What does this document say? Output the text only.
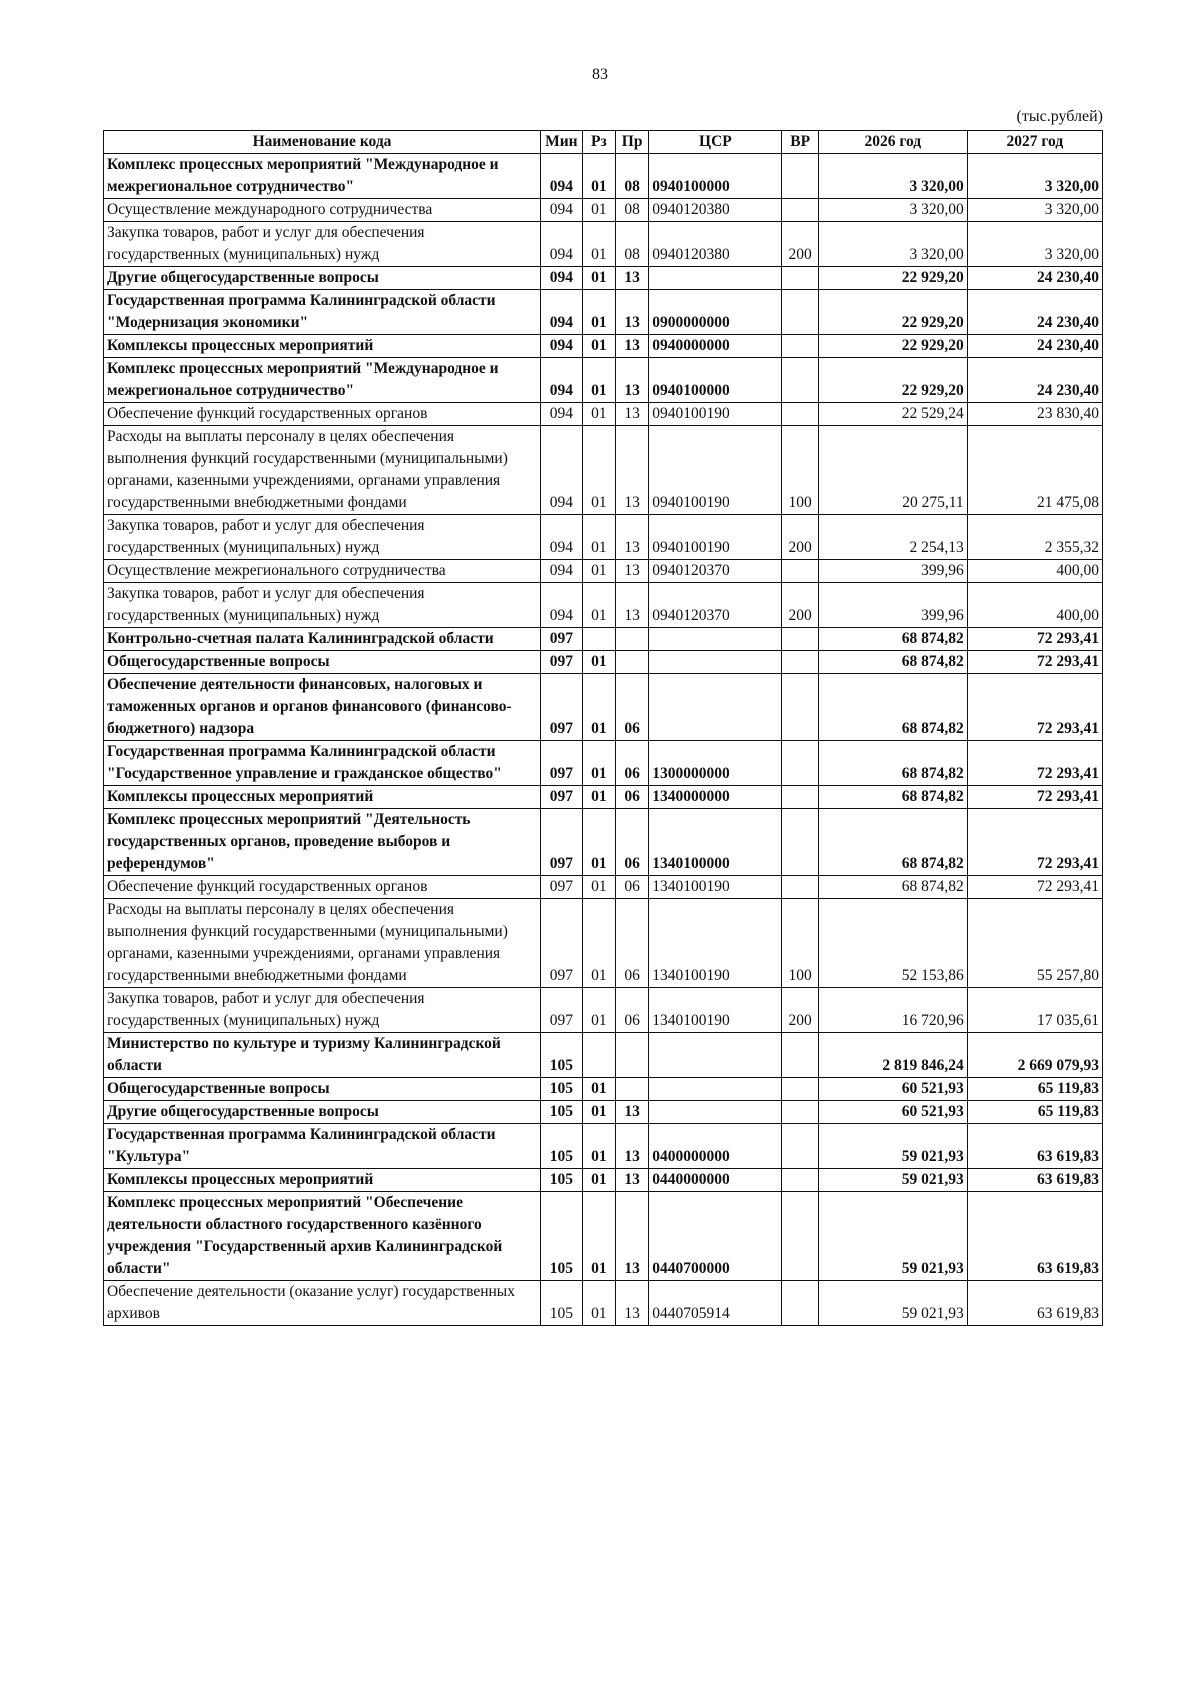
83
(тыс.рублей)
Наименование кода	Мин	Рз	Пр	ЦСР	ВР	2026 год	2027 год
Комплекс процессных мероприятий "Международное и межрегиональное сотрудничество"	094	01	08	0940100000		3 320,00	3 320,00
Осуществление международного сотрудничества	094	01	08	0940120380		3 320,00	3 320,00
Закупка товаров, работ и услуг для обеспечения государственных (муниципальных) нужд	094	01	08	0940120380	200	3 320,00	3 320,00
Другие общегосударственные вопросы	094	01	13			22 929,20	24 230,40
Государственная программа Калининградской области "Модернизация экономики"	094	01	13	0900000000		22 929,20	24 230,40
Комплексы процессных мероприятий	094	01	13	0940000000		22 929,20	24 230,40
Комплекс процессных мероприятий "Международное и межрегиональное сотрудничество"	094	01	13	0940100000		22 929,20	24 230,40
Обеспечение функций государственных органов	094	01	13	0940100190		22 529,24	23 830,40
Расходы на выплаты персоналу в целях обеспечения выполнения функций государственными (муниципальными) органами, казенными учреждениями, органами управления государственными внебюджетными фондами	094	01	13	0940100190	100	20 275,11	21 475,08
Закупка товаров, работ и услуг для обеспечения государственных (муниципальных) нужд	094	01	13	0940100190	200	2 254,13	2 355,32
Осуществление межрегионального сотрудничества	094	01	13	0940120370		399,96	400,00
Закупка товаров, работ и услуг для обеспечения государственных (муниципальных) нужд	094	01	13	0940120370	200	399,96	400,00
Контрольно-счетная палата Калининградской области	097					68 874,82	72 293,41
Общегосударственные вопросы	097	01				68 874,82	72 293,41
Обеспечение деятельности финансовых, налоговых и таможенных органов и органов финансового (финансово-бюджетного) надзора	097	01	06			68 874,82	72 293,41
Государственная программа Калининградской области "Государственное управление и гражданское общество"	097	01	06	1300000000		68 874,82	72 293,41
Комплексы процессных мероприятий	097	01	06	1340000000		68 874,82	72 293,41
Комплекс процессных мероприятий "Деятельность государственных органов, проведение выборов и референдумов"	097	01	06	1340100000		68 874,82	72 293,41
Обеспечение функций государственных органов	097	01	06	1340100190		68 874,82	72 293,41
Расходы на выплаты персоналу в целях обеспечения выполнения функций государственными (муниципальными) органами, казенными учреждениями, органами управления государственными внебюджетными фондами	097	01	06	1340100190	100	52 153,86	55 257,80
Закупка товаров, работ и услуг для обеспечения государственных (муниципальных) нужд	097	01	06	1340100190	200	16 720,96	17 035,61
Министерство по культуре и туризму Калининградской области	105					2 819 846,24	2 669 079,93
Общегосударственные вопросы	105	01				60 521,93	65 119,83
Другие общегосударственные вопросы	105	01	13			60 521,93	65 119,83
Государственная программа Калининградской области "Культура"	105	01	13	0400000000		59 021,93	63 619,83
Комплексы процессных мероприятий	105	01	13	0440000000		59 021,93	63 619,83
Комплекс процессных мероприятий "Обеспечение деятельности областного государственного казённого учреждения "Государственный архив Калининградской области"	105	01	13	0440700000		59 021,93	63 619,83
Обеспечение деятельности (оказание услуг) государственных архивов	105	01	13	0440705914		59 021,93	63 619,83
